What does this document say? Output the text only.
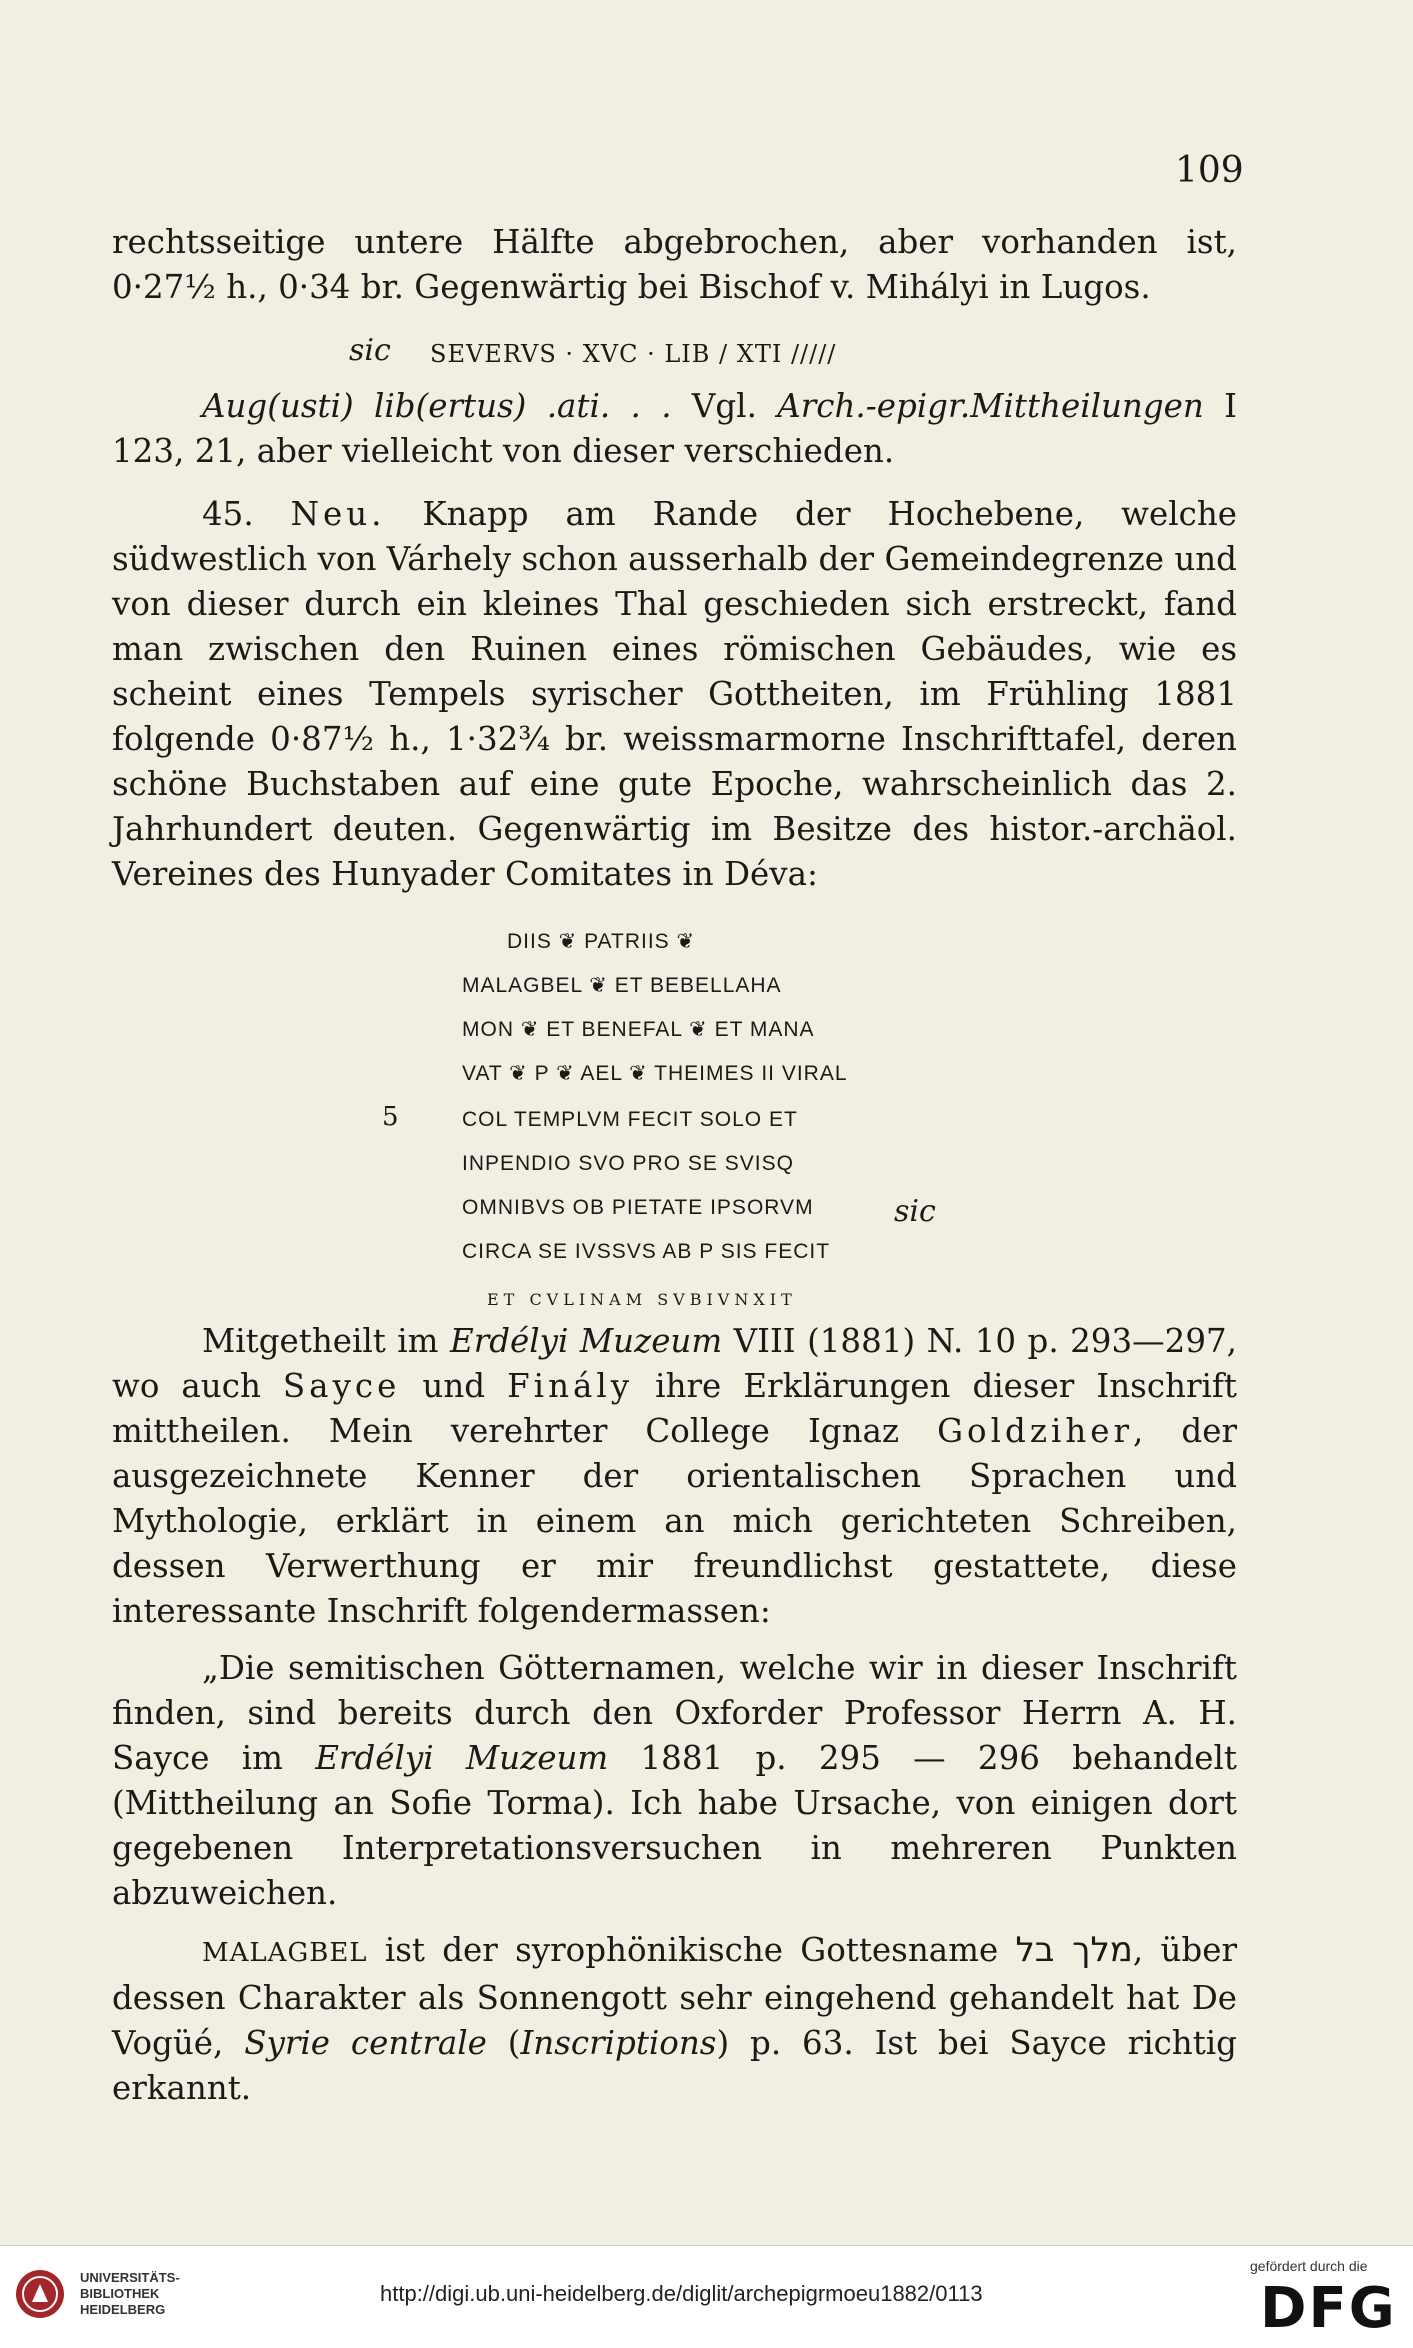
109

rechtsseitige untere Hälfte abgebrochen, aber vorhanden ist, 0·27½ h., 0·34 br. Gegenwärtig bei Bischof v. Mihályi in Lugos.

sic SEVERVS · XVC · LIB / XTI /////

Aug(usti) lib(ertus) .ati. . . Vgl. Arch.-epigr.Mittheilungen I 123, 21, aber vielleicht von dieser verschieden.

45. Neu. Knapp am Rande der Hochebene, welche südwestlich von Várhely schon ausserhalb der Gemeindegrenze und von dieser durch ein kleines Thal geschieden sich erstreckt, fand man zwischen den Ruinen eines römischen Gebäudes, wie es scheint eines Tempels syrischer Gottheiten, im Frühling 1881 folgende 0·87½ h., 1·32¾ br. weissmarmorne Inschrifttafel, deren schöne Buchstaben auf eine gute Epoche, wahrscheinlich das 2. Jahrhundert deuten. Gegenwärtig im Besitze des histor.-archäol. Vereines des Hunyader Comitates in Déva:

DIIS ❦ PATRIIS ❦
MALAGBEL ❦ ET BEBELLAHA
MON ❦ ET BENEFAL ❦ ET MANA
VAT ❦ P ❦ AEL ❦ THEIMES II VIRAL
5	COL TEMPLVM FECIT SOLO ET
INPENDIO SVO PRO SE SVISQ
OMNIBVS OB PIETATE IPSORVM	sic
CIRCA SE IVSSVS AB P SIS FECIT
ET CVLINAM SVBIVNXIT

Mitgetheilt im Erdélyi Muzeum VIII (1881) N. 10 p. 293—297, wo auch Sayce und Finály ihre Erklärungen dieser Inschrift mittheilen. Mein verehrter College Ignaz Goldziher, der ausgezeichnete Kenner der orientalischen Sprachen und Mythologie, erklärt in einem an mich gerichteten Schreiben, dessen Verwerthung er mir freundlichst gestattete, diese interessante Inschrift folgendermassen:

„Die semitischen Götternamen, welche wir in dieser Inschrift finden, sind bereits durch den Oxforder Professor Herrn A. H. Sayce im Erdélyi Muzeum 1881 p. 295 — 296 behandelt (Mittheilung an Sofie Torma). Ich habe Ursache, von einigen dort gegebenen Interpretationsversuchen in mehreren Punkten abzuweichen.

MALAGBEL ist der syrophönikische Gottesname מלך בל, über dessen Charakter als Sonnengott sehr eingehend gehandelt hat De Vogüé, Syrie centrale (Inscriptions) p. 63. Ist bei Sayce richtig erkannt.

UNIVERSITÄTS-
BIBLIOTHEK
HEIDELBERG
http://digi.ub.uni-heidelberg.de/diglit/archepigrmoeu1882/0113
gefördert durch die
DFG
